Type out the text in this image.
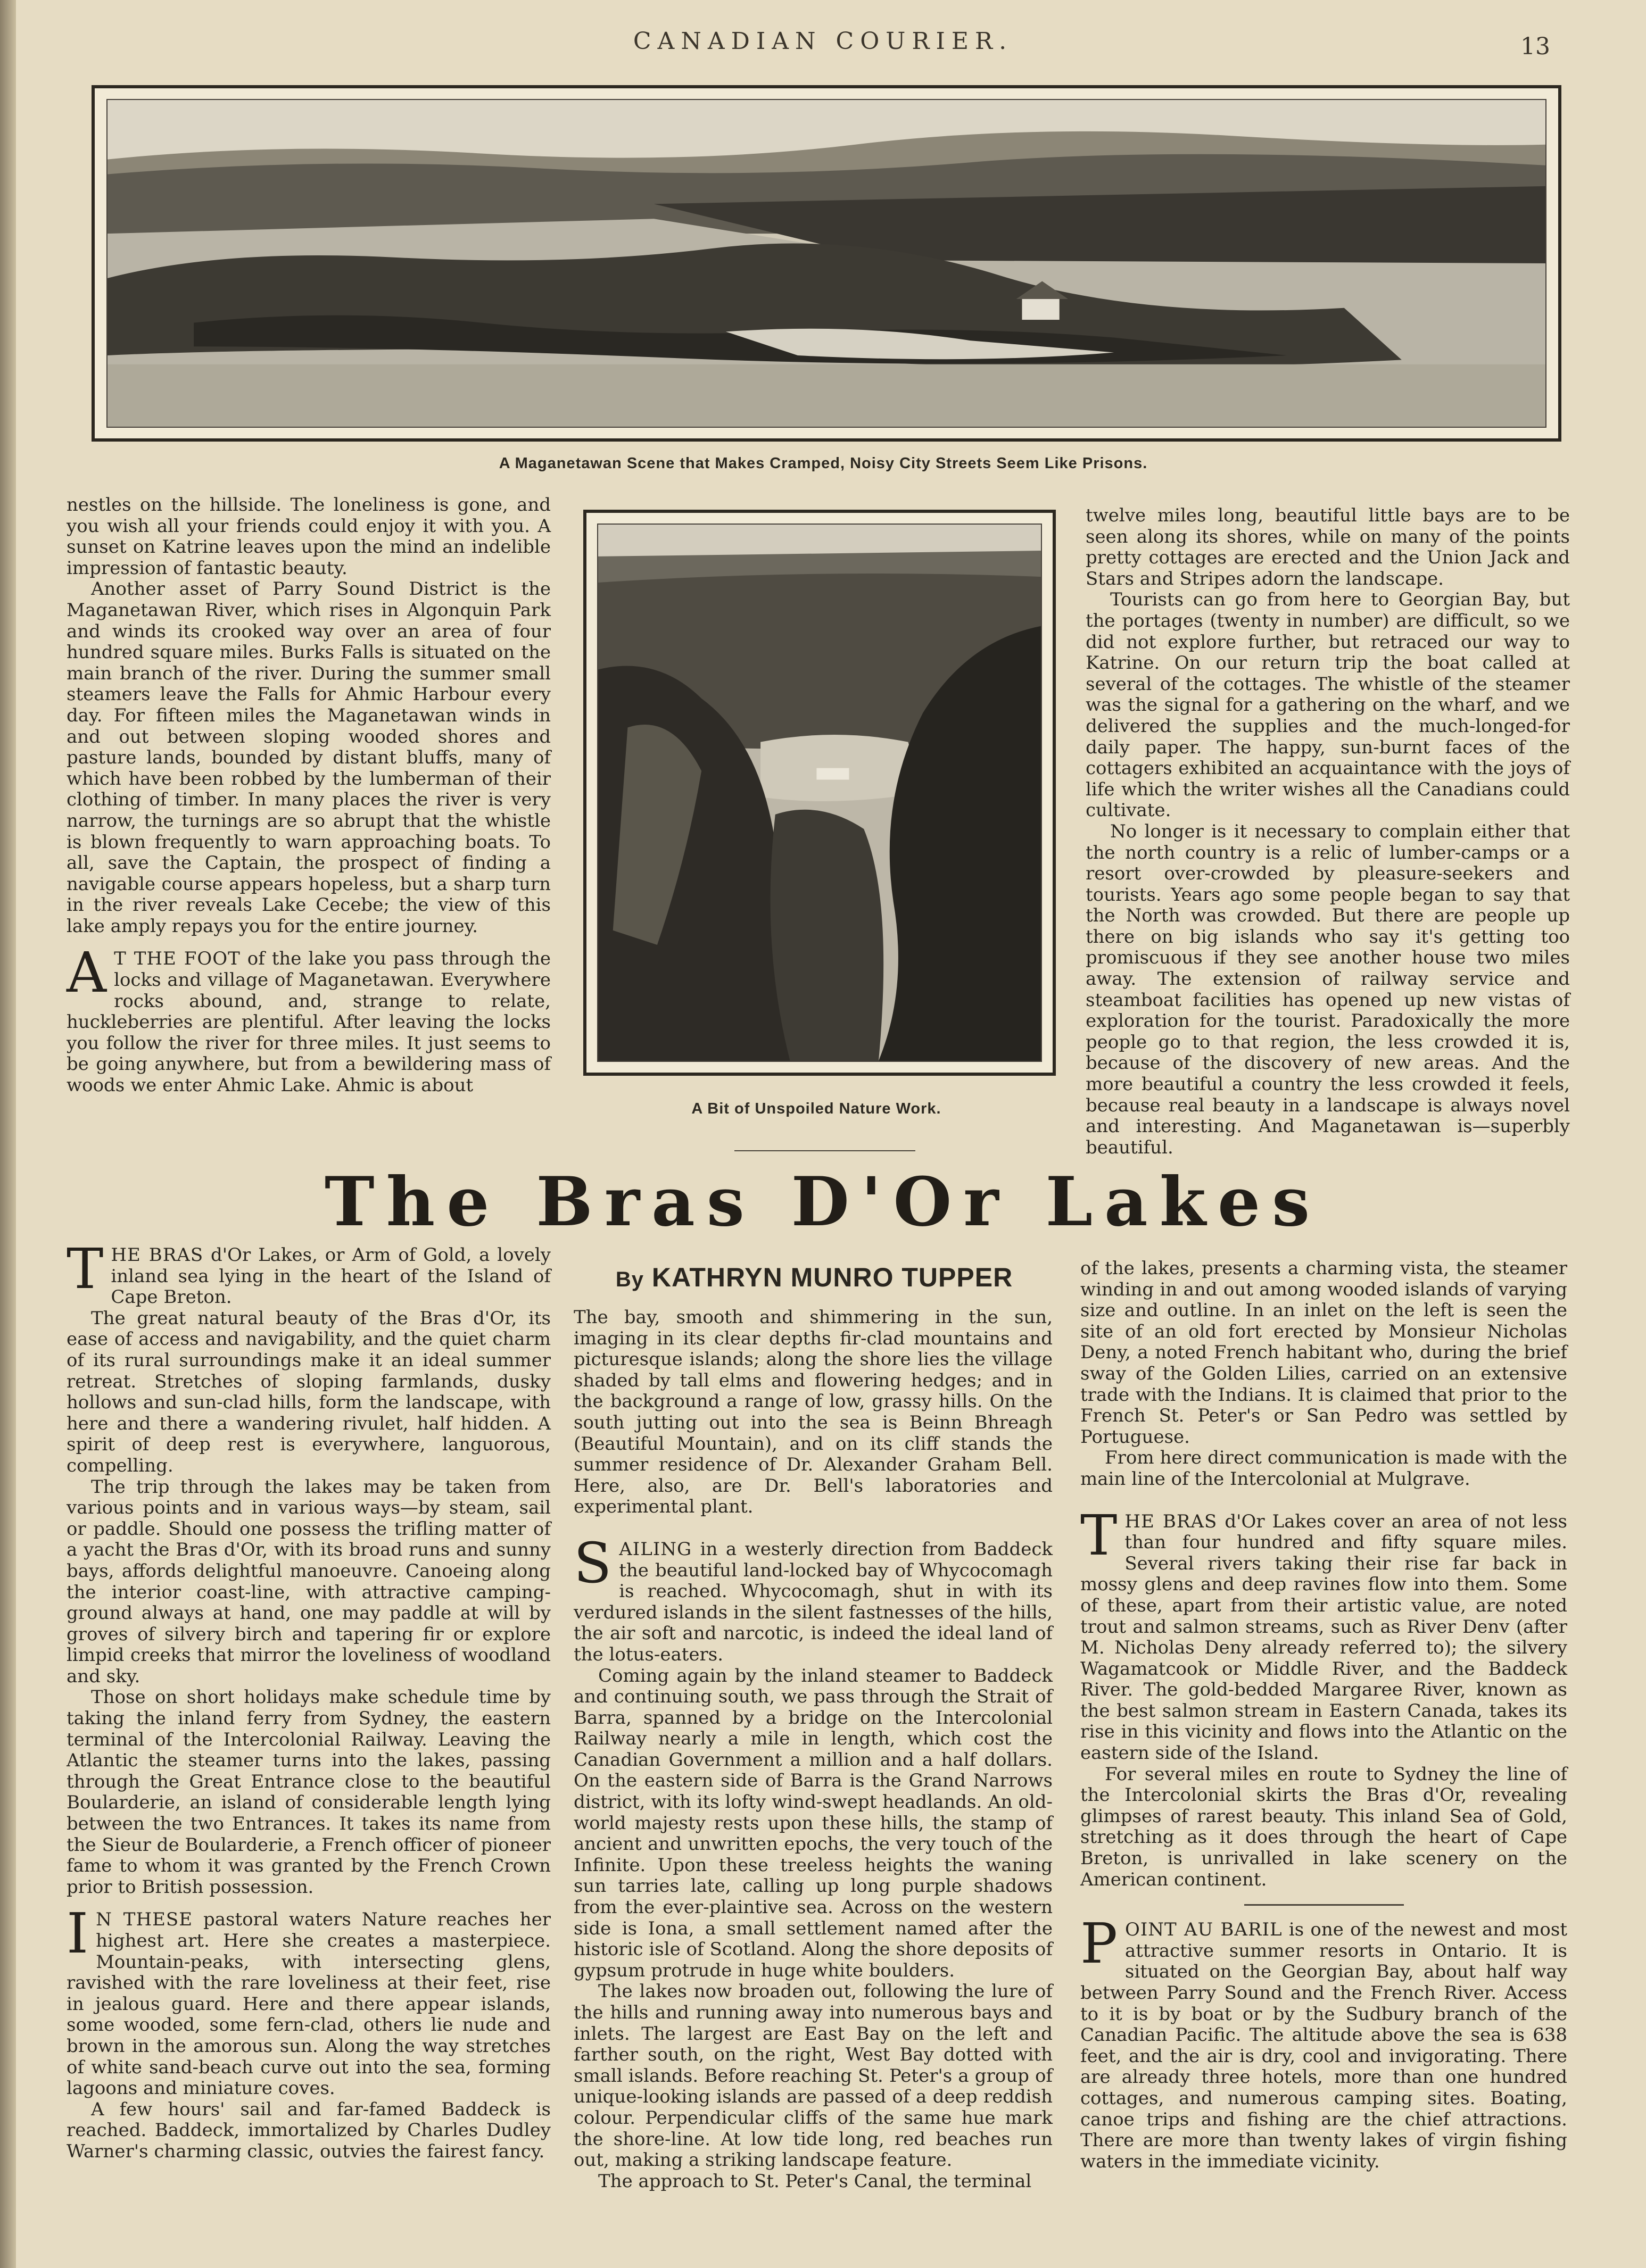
CANADIAN COURIER.	13
A Maganetawan Scene that Makes Cramped, Noisy City Streets Seem Like Prisons.
A Bit of Unspoiled Nature Work.

nestles on the hillside. The loneliness is gone, and you wish all your friends could enjoy it with you. A sunset on Katrine leaves upon the mind an indelible impression of fantastic beauty.

Another asset of Parry Sound District is the Maganetawan River, which rises in Algonquin Park and winds its crooked way over an area of four hundred square miles. Burks Falls is situated on the main branch of the river. During the summer small steamers leave the Falls for Ahmic Harbour every day. For fifteen miles the Maganetawan winds in and out between sloping wooded shores and pasture lands, bounded by distant bluffs, many of which have been robbed by the lumberman of their clothing of timber. In many places the river is very narrow, the turnings are so abrupt that the whistle is blown frequently to warn approaching boats. To all, save the Captain, the prospect of finding a navigable course appears hopeless, but a sharp turn in the river reveals Lake Cecebe; the view of this lake amply repays you for the entire journey.

A T THE FOOT of the lake you pass through the locks and village of Maganetawan. Everywhere rocks abound, and, strange to relate, huckleberries are plentiful. After leaving the locks you follow the river for three miles. It just seems to be going anywhere, but from a bewildering mass of woods we enter Ahmic Lake. Ahmic is about

twelve miles long, beautiful little bays are to be seen along its shores, while on many of the points pretty cottages are erected and the Union Jack and Stars and Stripes adorn the landscape.

Tourists can go from here to Georgian Bay, but the portages (twenty in number) are difficult, so we did not explore further, but retraced our way to Katrine. On our return trip the boat called at several of the cottages. The whistle of the steamer was the signal for a gathering on the wharf, and we delivered the supplies and the much-longed-for daily paper. The happy, sun-burnt faces of the cottagers exhibited an acquaintance with the joys of life which the writer wishes all the Canadians could cultivate.

No longer is it necessary to complain either that the north country is a relic of lumber-camps or a resort over-crowded by pleasure-seekers and tourists. Years ago some people began to say that the North was crowded. But there are people up there on big islands who say it's getting too promiscuous if they see another house two miles away. The extension of railway service and steamboat facilities has opened up new vistas of exploration for the tourist. Paradoxically the more people go to that region, the less crowded it is, because of the discovery of new areas. And the more beautiful a country the less crowded it feels, because real beauty in a landscape is always novel and interesting. And Maganetawan is—superbly beautiful.

The Bras D'Or Lakes
By KATHRYN MUNRO TUPPER

THE BRAS d'Or Lakes, or Arm of Gold, a lovely inland sea lying in the heart of the Island of Cape Breton.

The great natural beauty of the Bras d'Or, its ease of access and navigability, and the quiet charm of its rural surroundings make it an ideal summer retreat. Stretches of sloping farmlands, dusky hollows and sun-clad hills, form the landscape, with here and there a wandering rivulet, half hidden. A spirit of deep rest is everywhere, languorous, compelling.

The trip through the lakes may be taken from various points and in various ways—by steam, sail or paddle. Should one possess the trifling matter of a yacht the Bras d'Or, with its broad runs and sunny bays, affords delightful manoeuvre. Canoeing along the interior coast-line, with attractive camping-ground always at hand, one may paddle at will by groves of silvery birch and tapering fir or explore limpid creeks that mirror the loveliness of woodland and sky.

Those on short holidays make schedule time by taking the inland ferry from Sydney, the eastern terminal of the Intercolonial Railway. Leaving the Atlantic the steamer turns into the lakes, passing through the Great Entrance close to the beautiful Boularderie, an island of considerable length lying between the two Entrances. It takes its name from the Sieur de Boularderie, a French officer of pioneer fame to whom it was granted by the French Crown prior to British possession.

I N THESE pastoral waters Nature reaches her highest art. Here she creates a masterpiece. Mountain-peaks, with intersecting glens, ravished with the rare loveliness at their feet, rise in jealous guard. Here and there appear islands, some wooded, some fern-clad, others lie nude and brown in the amorous sun. Along the way stretches of white sand-beach curve out into the sea, forming lagoons and miniature coves.

A few hours' sail and far-famed Baddeck is reached. Baddeck, immortalized by Charles Dudley Warner's charming classic, outvies the fairest fancy.

The bay, smooth and shimmering in the sun, imaging in its clear depths fir-clad mountains and picturesque islands; along the shore lies the village shaded by tall elms and flowering hedges; and in the background a range of low, grassy hills. On the south jutting out into the sea is Beinn Bhreagh (Beautiful Mountain), and on its cliff stands the summer residence of Dr. Alexander Graham Bell. Here, also, are Dr. Bell's laboratories and experimental plant.

SAILING in a westerly direction from Baddeck the beautiful land-locked bay of Whycocomagh is reached. Whycocomagh, shut in with its verdured islands in the silent fastnesses of the hills, the air soft and narcotic, is indeed the ideal land of the lotus-eaters.

Coming again by the inland steamer to Baddeck and continuing south, we pass through the Strait of Barra, spanned by a bridge on the Intercolonial Railway nearly a mile in length, which cost the Canadian Government a million and a half dollars. On the eastern side of Barra is the Grand Narrows district, with its lofty wind-swept headlands. An old-world majesty rests upon these hills, the stamp of ancient and unwritten epochs, the very touch of the Infinite. Upon these treeless heights the waning sun tarries late, calling up long purple shadows from the ever-plaintive sea. Across on the western side is Iona, a small settlement named after the historic isle of Scotland. Along the shore deposits of gypsum protrude in huge white boulders.

The lakes now broaden out, following the lure of the hills and running away into numerous bays and inlets. The largest are East Bay on the left and farther south, on the right, West Bay dotted with small islands. Before reaching St. Peter's a group of unique-looking islands are passed of a deep reddish colour. Perpendicular cliffs of the same hue mark the shore-line. At low tide long, red beaches run out, making a striking landscape feature.

The approach to St. Peter's Canal, the terminal

of the lakes, presents a charming vista, the steamer winding in and out among wooded islands of varying size and outline. In an inlet on the left is seen the site of an old fort erected by Monsieur Nicholas Deny, a noted French habitant who, during the brief sway of the Golden Lilies, carried on an extensive trade with the Indians. It is claimed that prior to the French St. Peter's or San Pedro was settled by Portuguese.

From here direct communication is made with the main line of the Intercolonial at Mulgrave.

THE BRAS d'Or Lakes cover an area of not less than four hundred and fifty square miles. Several rivers taking their rise far back in mossy glens and deep ravines flow into them. Some of these, apart from their artistic value, are noted trout and salmon streams, such as River Denv (after M. Nicholas Deny already referred to); the silvery Wagamatcook or Middle River, and the Baddeck River. The gold-bedded Margaree River, known as the best salmon stream in Eastern Canada, takes its rise in this vicinity and flows into the Atlantic on the eastern side of the Island.

For several miles en route to Sydney the line of the Intercolonial skirts the Bras d'Or, revealing glimpses of rarest beauty. This inland Sea of Gold, stretching as it does through the heart of Cape Breton, is unrivalled in lake scenery on the American continent.

POINT AU BARIL is one of the newest and most attractive summer resorts in Ontario. It is situated on the Georgian Bay, about half way between Parry Sound and the French River. Access to it is by boat or by the Sudbury branch of the Canadian Pacific. The altitude above the sea is 638 feet, and the air is dry, cool and invigorating. There are already three hotels, more than one hundred cottages, and numerous camping sites. Boating, canoe trips and fishing are the chief attractions. There are more than twenty lakes of virgin fishing waters in the immediate vicinity.
